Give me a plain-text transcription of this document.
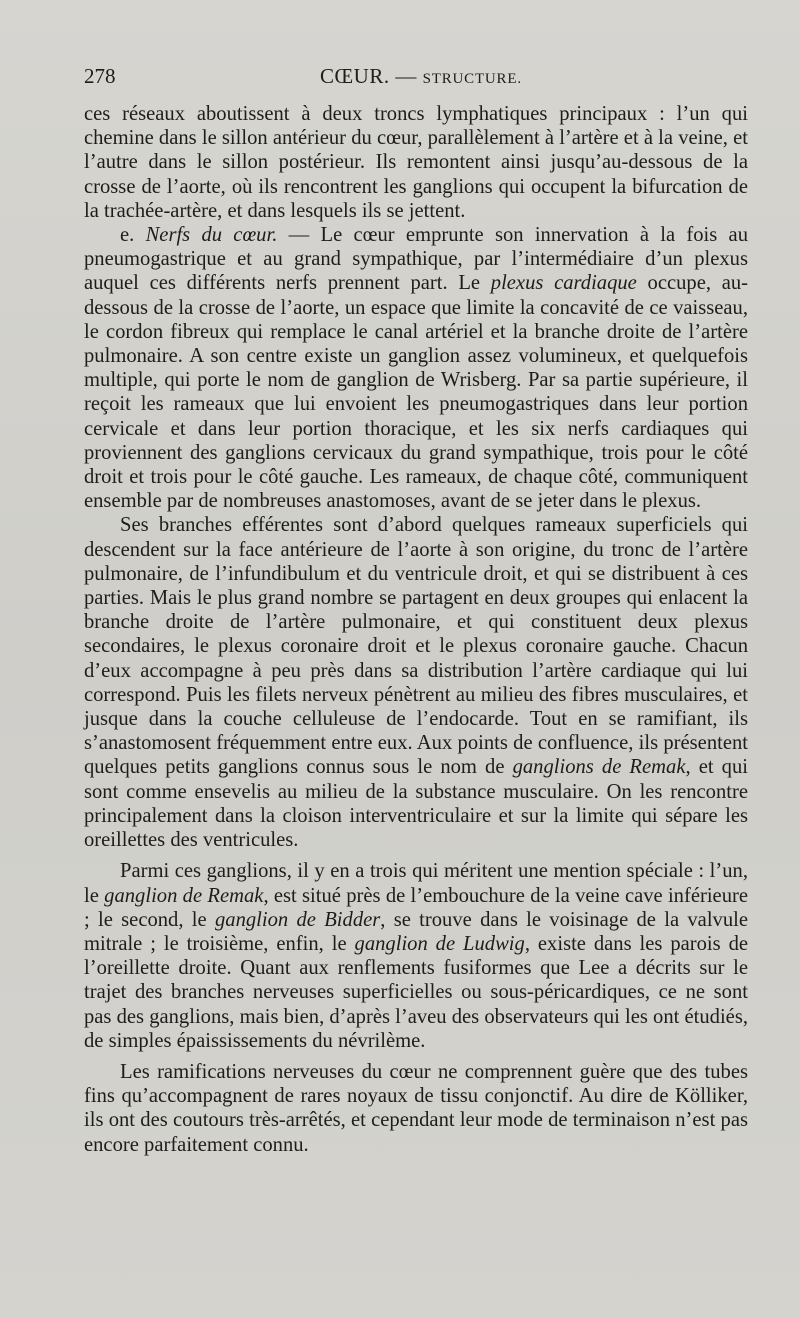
278	CŒUR. — STRUCTURE.

ces réseaux aboutissent à deux troncs lymphatiques principaux : l’un qui chemine dans le sillon antérieur du cœur, parallèlement à l’artère et à la veine, et l’autre dans le sillon postérieur. Ils remontent ainsi jusqu’au-dessous de la crosse de l’aorte, où ils rencontrent les ganglions qui occupent la bifurcation de la trachée-artère, et dans lesquels ils se jettent.

e. Nerfs du cœur. — Le cœur emprunte son innervation à la fois au pneumogastrique et au grand sympathique, par l’intermédiaire d’un plexus auquel ces différents nerfs prennent part. Le plexus cardiaque occupe, au-dessous de la crosse de l’aorte, un espace que limite la concavité de ce vaisseau, le cordon fibreux qui remplace le canal artériel et la branche droite de l’artère pulmonaire. A son centre existe un ganglion assez volumineux, et quelquefois multiple, qui porte le nom de ganglion de Wrisberg. Par sa partie supérieure, il reçoit les rameaux que lui envoient les pneumogastriques dans leur portion cervicale et dans leur portion thoracique, et les six nerfs cardiaques qui proviennent des ganglions cervicaux du grand sympathique, trois pour le côté droit et trois pour le côté gauche. Les rameaux, de chaque côté, communiquent ensemble par de nombreuses anastomoses, avant de se jeter dans le plexus.

Ses branches efférentes sont d’abord quelques rameaux superficiels qui descendent sur la face antérieure de l’aorte à son origine, du tronc de l’artère pulmonaire, de l’infundibulum et du ventricule droit, et qui se distribuent à ces parties. Mais le plus grand nombre se partagent en deux groupes qui enlacent la branche droite de l’artère pulmonaire, et qui constituent deux plexus secondaires, le plexus coronaire droit et le plexus coronaire gauche. Chacun d’eux accompagne à peu près dans sa distribution l’artère cardiaque qui lui correspond. Puis les filets nerveux pénètrent au milieu des fibres musculaires, et jusque dans la couche celluleuse de l’endocarde. Tout en se ramifiant, ils s’anastomosent fréquemment entre eux. Aux points de confluence, ils présentent quelques petits ganglions connus sous le nom de ganglions de Remak, et qui sont comme ensevelis au milieu de la substance musculaire. On les rencontre principalement dans la cloison interventriculaire et sur la limite qui sépare les oreillettes des ventricules.

Parmi ces ganglions, il y en a trois qui méritent une mention spéciale : l’un, le ganglion de Remak, est situé près de l’embouchure de la veine cave inférieure ; le second, le ganglion de Bidder, se trouve dans le voisinage de la valvule mitrale ; le troisième, enfin, le ganglion de Ludwig, existe dans les parois de l’oreillette droite. Quant aux renflements fusiformes que Lee a décrits sur le trajet des branches nerveuses superficielles ou sous-péricardiques, ce ne sont pas des ganglions, mais bien, d’après l’aveu des observateurs qui les ont étudiés, de simples épaississements du névrilème.

Les ramifications nerveuses du cœur ne comprennent guère que des tubes fins qu’accompagnent de rares noyaux de tissu conjonctif. Au dire de Kölliker, ils ont des coutours très-arrêtés, et cependant leur mode de terminaison n’est pas encore parfaitement connu.
